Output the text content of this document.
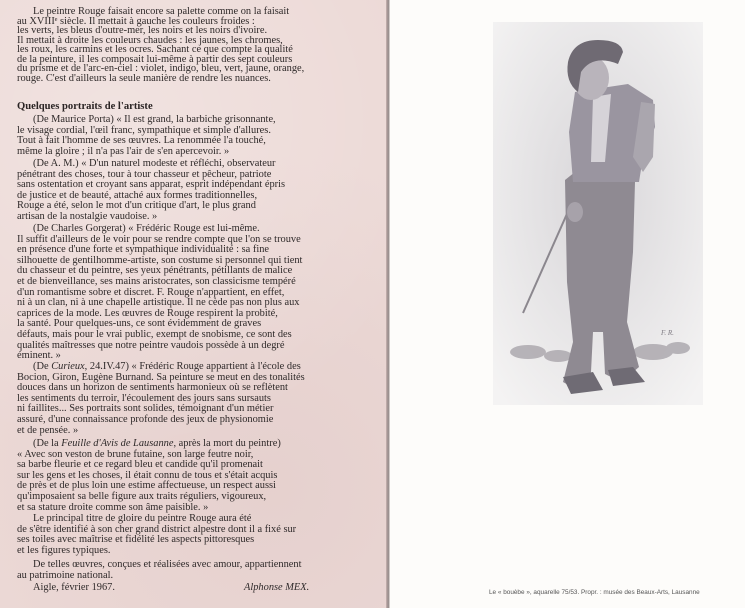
Le peintre Rouge faisait encore sa palette comme on la faisait
au XVIIIᵉ siècle. Il mettait à gauche les couleurs froides :
les verts, les bleus d'outre-mer, les noirs et les noirs d'ivoire.
Il mettait à droite les couleurs chaudes : les jaunes, les chromes,
les roux, les carmins et les ocres. Sachant ce que compte la qualité
de la peinture, il les composait lui-même à partir des sept couleurs
du prisme et de l'arc-en-ciel : violet, indigo, bleu, vert, jaune, orange,
rouge. C'est d'ailleurs la seule manière de rendre les nuances.
Quelques portraits de l'artiste
(De Maurice Porta) « Il est grand, la barbiche grisonnante,
le visage cordial, l'œil franc, sympathique et simple d'allures.
Tout à fait l'homme de ses œuvres. La renommée l'a touché,
même la gloire ; il n'a pas l'air de s'en apercevoir. »
(De A. M.) « D'un naturel modeste et réfléchi, observateur
pénétrant des choses, tour à tour chasseur et pêcheur, patriote
sans ostentation et croyant sans apparat, esprit indépendant épris
de justice et de beauté, attaché aux formes traditionnelles,
Rouge a été, selon le mot d'un critique d'art, le plus grand
artisan de la nostalgie vaudoise. »
(De Charles Gorgerat) « Frédéric Rouge est lui-même.
Il suffit d'ailleurs de le voir pour se rendre compte que l'on se trouve
en présence d'une forte et sympathique individualité : sa fine
silhouette de gentilhomme-artiste, son costume si personnel qui tient
du chasseur et du peintre, ses yeux pénétrants, pétillants de malice
et de bienveillance, ses mains aristocrates, son classicisme tempéré
d'un romantisme sobre et discret. F. Rouge n'appartient, en effet,
ni à un clan, ni à une chapelle artistique. Il ne cède pas non plus aux
caprices de la mode. Les œuvres de Rouge respirent la probité,
la santé. Pour quelques-uns, ce sont évidemment de graves
défauts, mais pour le vrai public, exempt de snobisme, ce sont des
qualités maîtresses que notre peintre vaudois possède à un degré
éminent. »
(De Curieux, 24.IV.47) « Frédéric Rouge appartient à l'école des
Bocion, Giron, Eugène Burnand. Sa peinture se meut en des tonalités
douces dans un horizon de sentiments harmonieux où se reflètent
les sentiments du terroir, l'écoulement des jours sans sursauts
ni faillites... Ses portraits sont solides, témoignant d'un métier
assuré, d'une connaissance profonde des jeux de physionomie
et de pensée. »
(De la Feuille d'Avis de Lausanne, après la mort du peintre)
« Avec son veston de brune futaine, son large feutre noir,
sa barbe fleurie et ce regard bleu et candide qu'il promenait
sur les gens et les choses, il était connu de tous et s'était acquis
de près et de plus loin une estime affectueuse, un respect aussi
qu'imposaient sa belle figure aux traits réguliers, vigoureux,
et sa stature droite comme son âme paisible. »
Le principal titre de gloire du peintre Rouge aura été
de s'être identifié à son cher grand district alpestre dont il a fixé sur
ses toiles avec maîtrise et fidélité les aspects pittoresques
et les figures typiques.
De telles œuvres, conçues et réalisées avec amour, appartiennent
au patrimoine national.
Aigle, février 1967.	Alphonse MEX.
F. R.
Le « bouèbe », aquarelle 75/53. Propr. : musée des Beaux-Arts, Lausanne
